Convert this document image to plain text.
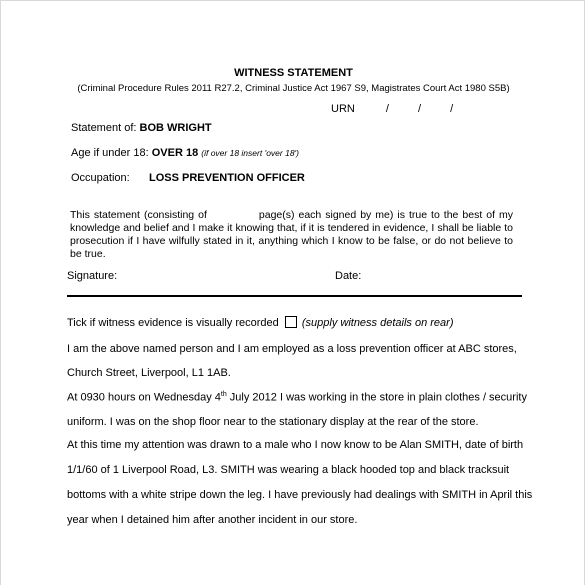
WITNESS STATEMENT
(Criminal Procedure Rules 2011 R27.2, Criminal Justice Act 1967 S9, Magistrates Court Act 1980 S5B)
URN	/	/	/
Statement of: BOB WRIGHT
Age if under 18: OVER 18 (if over 18 insert 'over 18')
Occupation: LOSS PREVENTION OFFICER
This statement (consisting of	page(s) each signed by me) is true to the best of my knowledge and belief and I make it knowing that, if it is tendered in evidence, I shall be liable to prosecution if I have wilfully stated in it, anything which I know to be false, or do not believe to be true.
Signature:	Date:
Tick if witness evidence is visually recorded (supply witness details on rear)
I am the above named person and I am employed as a loss prevention officer at ABC stores,
Church Street, Liverpool, L1 1AB.
At 0930 hours on Wednesday 4th July 2012 I was working in the store in plain clothes / security
uniform. I was on the shop floor near to the stationary display at the rear of the store.
At this time my attention was drawn to a male who I now know to be Alan SMITH, date of birth
1/1/60 of 1 Liverpool Road, L3. SMITH was wearing a black hooded top and black tracksuit
bottoms with a white stripe down the leg. I have previously had dealings with SMITH in April this
year when I detained him after another incident in our store.
